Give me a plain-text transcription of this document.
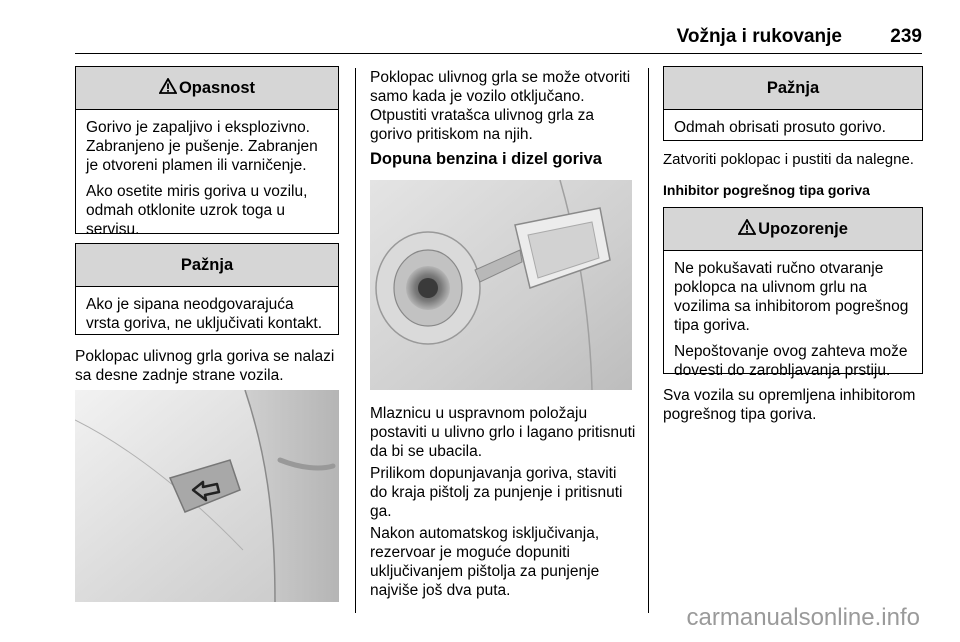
Vožnja i rukovanje	239
Opasnost

Gorivo je zapaljivo i eksplozivno. Zabranjeno je pušenje. Zabranjen je otvoreni plamen ili varničenje.

Ako osetite miris goriva u vozilu, odmah otklonite uzrok toga u servisu.

Pažnja

Ako je sipana neodgovarajuća vrsta goriva, ne uključivati kontakt.

Poklopac ulivnog grla goriva se nalazi sa desne zadnje strane vozila.

Poklopac ulivnog grla se može otvoriti samo kada je vozilo otključano. Otpustiti vratašca ulivnog grla za gorivo pritiskom na njih.

Dopuna benzina i dizel goriva

Mlaznicu u uspravnom položaju postaviti u ulivno grlo i lagano pritisnuti da bi se ubacila.

Prilikom dopunjavanja goriva, staviti do kraja pištolj za punjenje i pritisnuti ga.

Nakon automatskog isključivanja, rezervoar je moguće dopuniti uključivanjem pištolja za punjenje najviše još dva puta.

Pažnja

Odmah obrisati prosuto gorivo.

Zatvoriti poklopac i pustiti da nalegne.

Inhibitor pogrešnog tipa goriva
Upozorenje

Ne pokušavati ručno otvaranje poklopca na ulivnom grlu na vozilima sa inhibitorom pogrešnog tipa goriva.

Nepoštovanje ovog zahteva može dovesti do zarobljavanja prstiju.

Sva vozila su opremljena inhibitorom pogrešnog tipa goriva.

carmanualsonline.info
